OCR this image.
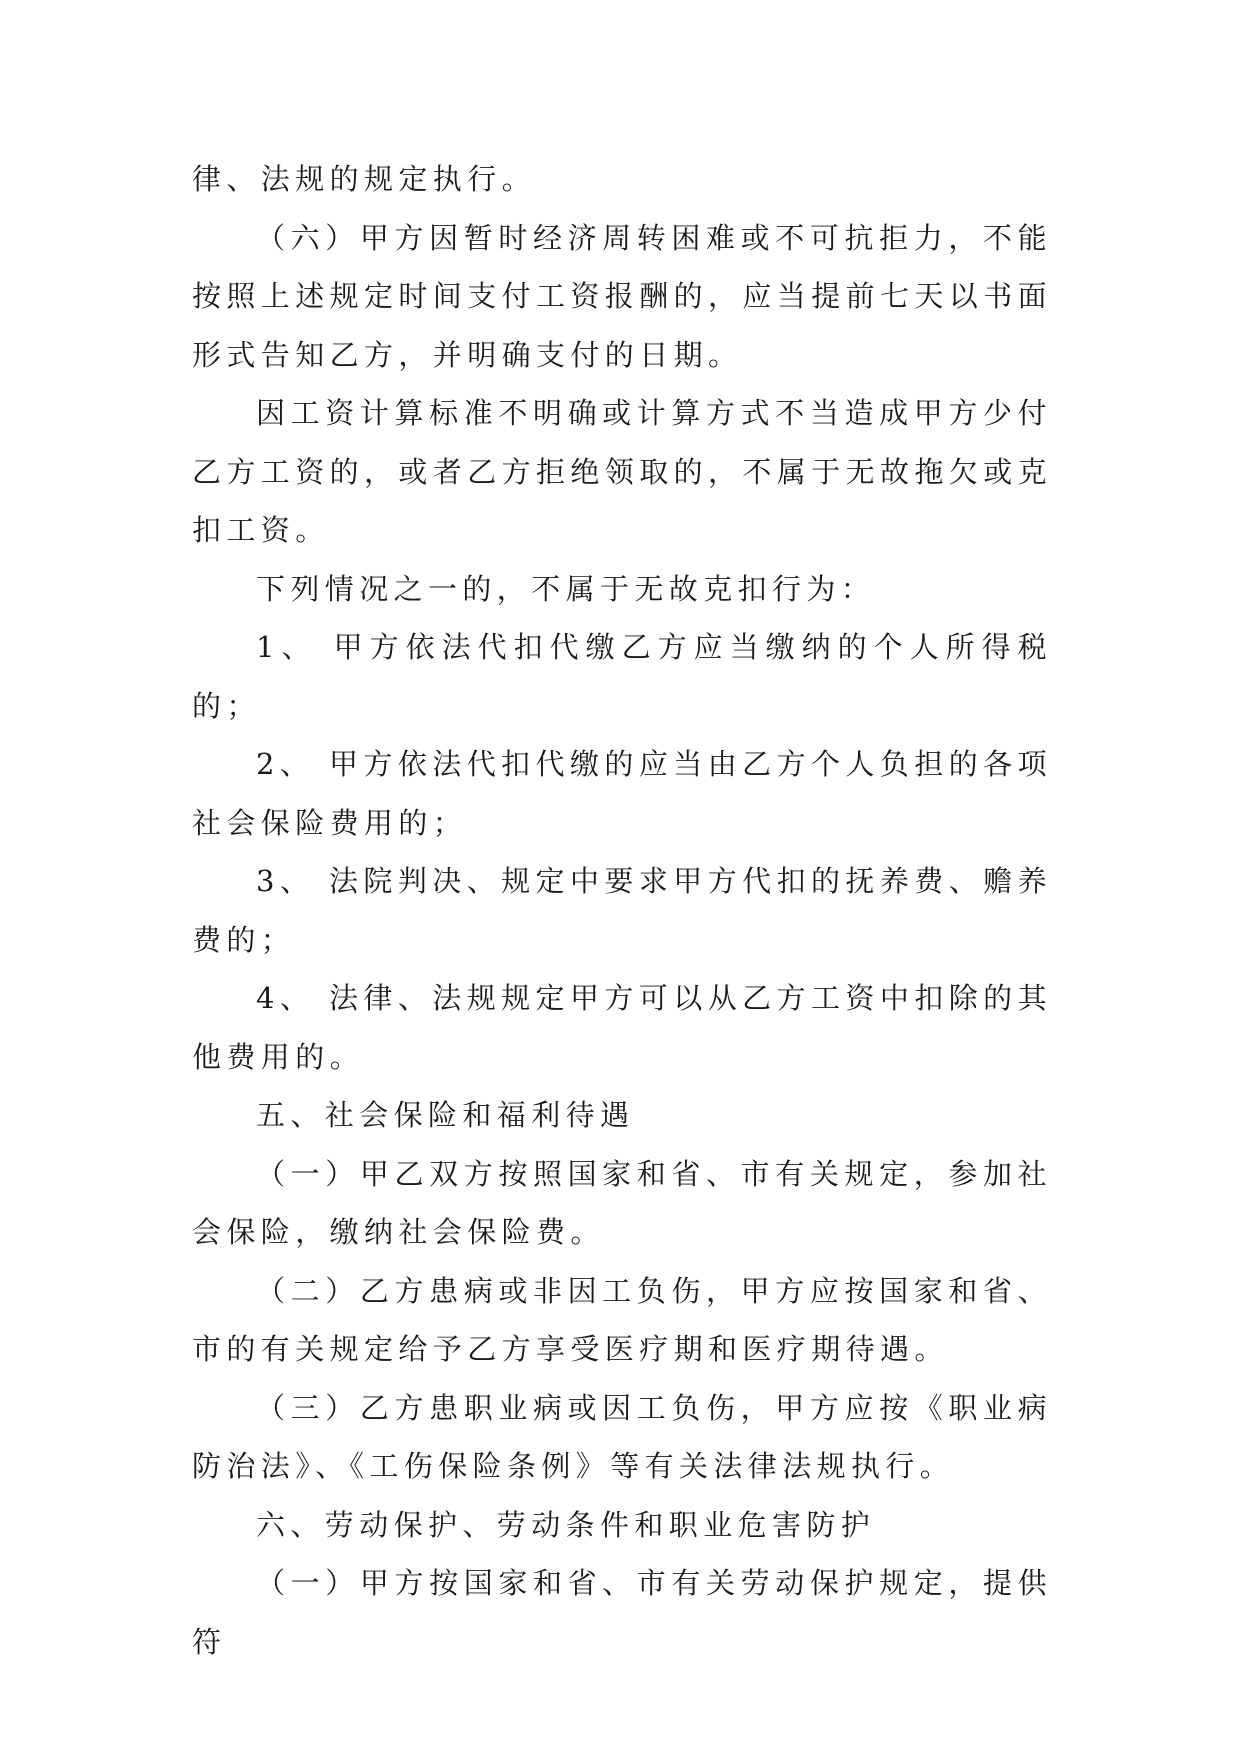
律、法规的规定执行。

（六）甲方因暂时经济周转困难或不可抗拒力，不能按照上述规定时间支付工资报酬的，应当提前七天以书面形式告知乙方，并明确支付的日期。

因工资计算标准不明确或计算方式不当造成甲方少付乙方工资的，或者乙方拒绝领取的，不属于无故拖欠或克扣工资。

下列情况之一的，不属于无故克扣行为：

1、 甲方依法代扣代缴乙方应当缴纳的个人所得税的；

2、 甲方依法代扣代缴的应当由乙方个人负担的各项社会保险费用的；

3、 法院判决、规定中要求甲方代扣的抚养费、赡养费的；

4、 法律、法规规定甲方可以从乙方工资中扣除的其他费用的。

五、社会保险和福利待遇

（一）甲乙双方按照国家和省、市有关规定，参加社会保险，缴纳社会保险费。

（二）乙方患病或非因工负伤，甲方应按国家和省、市的有关规定给予乙方享受医疗期和医疗期待遇。

（三）乙方患职业病或因工负伤，甲方应按《职业病防治法》、《工伤保险条例》等有关法律法规执行。

六、劳动保护、劳动条件和职业危害防护

（一）甲方按国家和省、市有关劳动保护规定，提供符
